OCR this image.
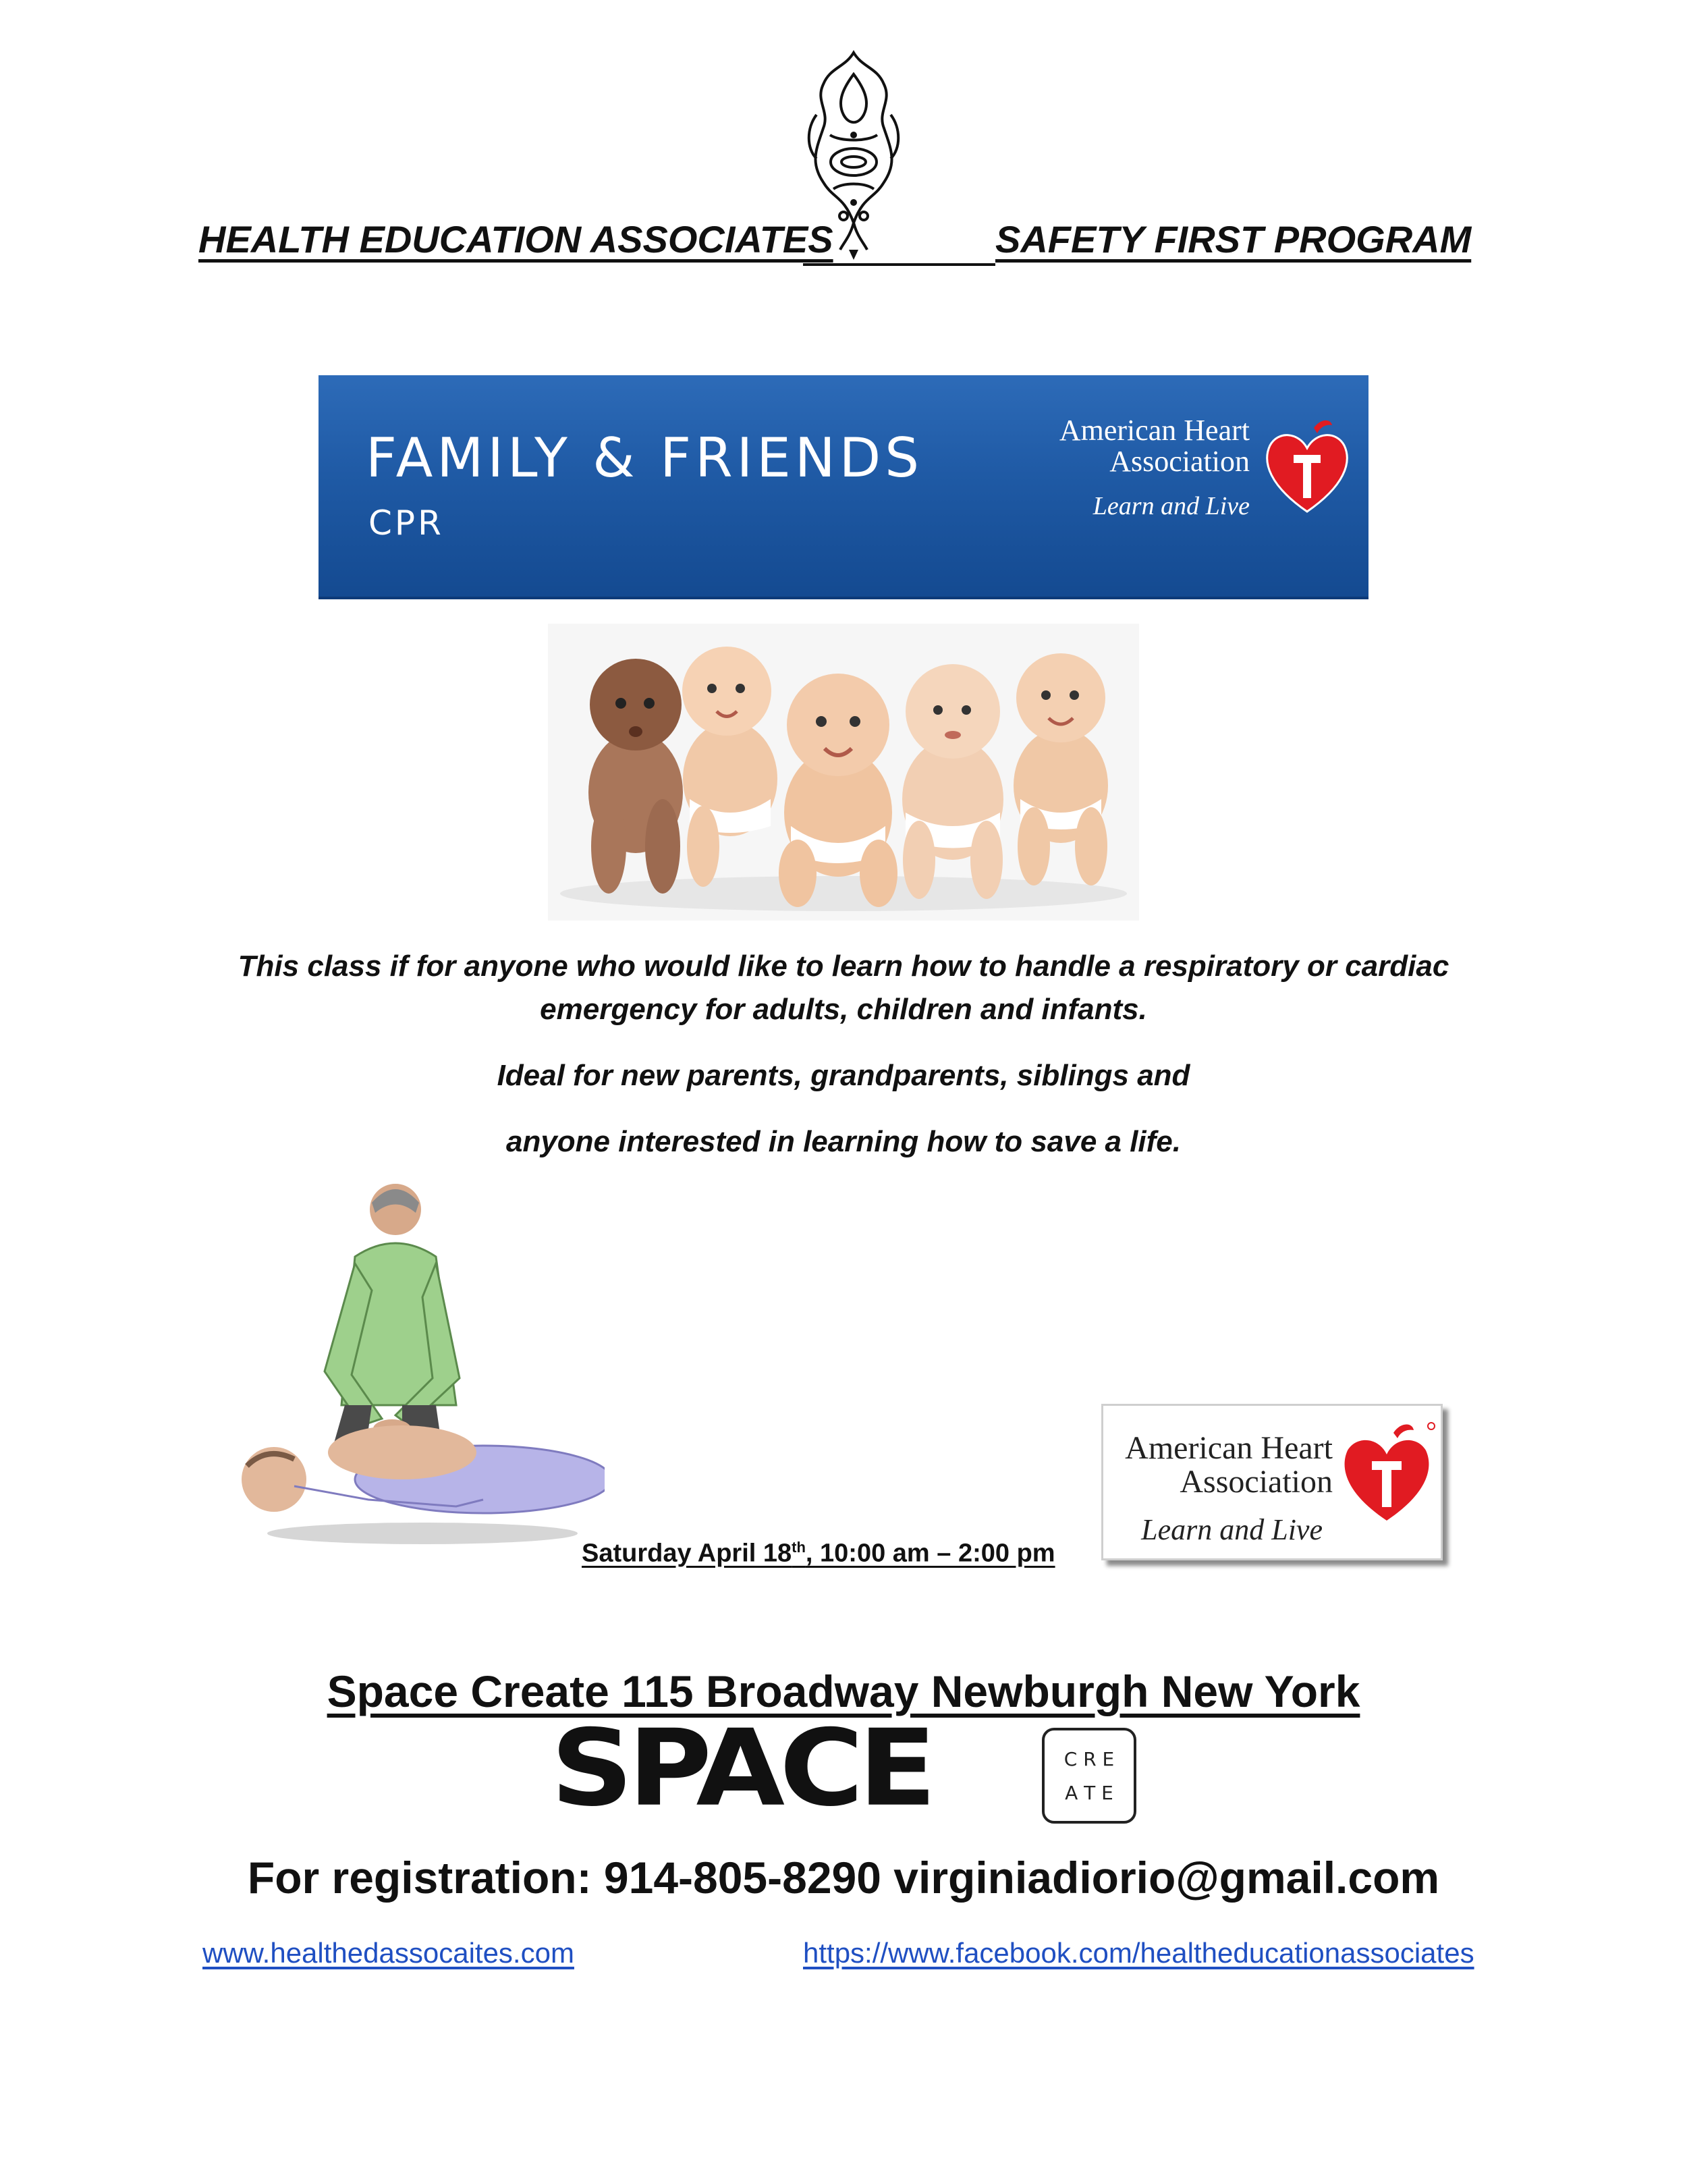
HEALTH EDUCATION ASSOCIATES	SAFETY FIRST PROGRAM
FAMILY & FRIENDS
CPR
American Heart
Association
Learn and Live
This class if for anyone who would like to learn how to handle a respiratory or cardiac
emergency for adults, children and infants.
Ideal for new parents, grandparents, siblings and
anyone interested in learning how to save a life.
American Heart
Association
Learn and Live
Saturday April 18th, 10:00 am – 2:00 pm
Space Create 115 Broadway Newburgh New York
SPACE	C R E
A T E
For registration: 914-805-8290 virginiadiorio@gmail.com
www.healthedassocaites.com	https://www.facebook.com/healtheducationassociates
